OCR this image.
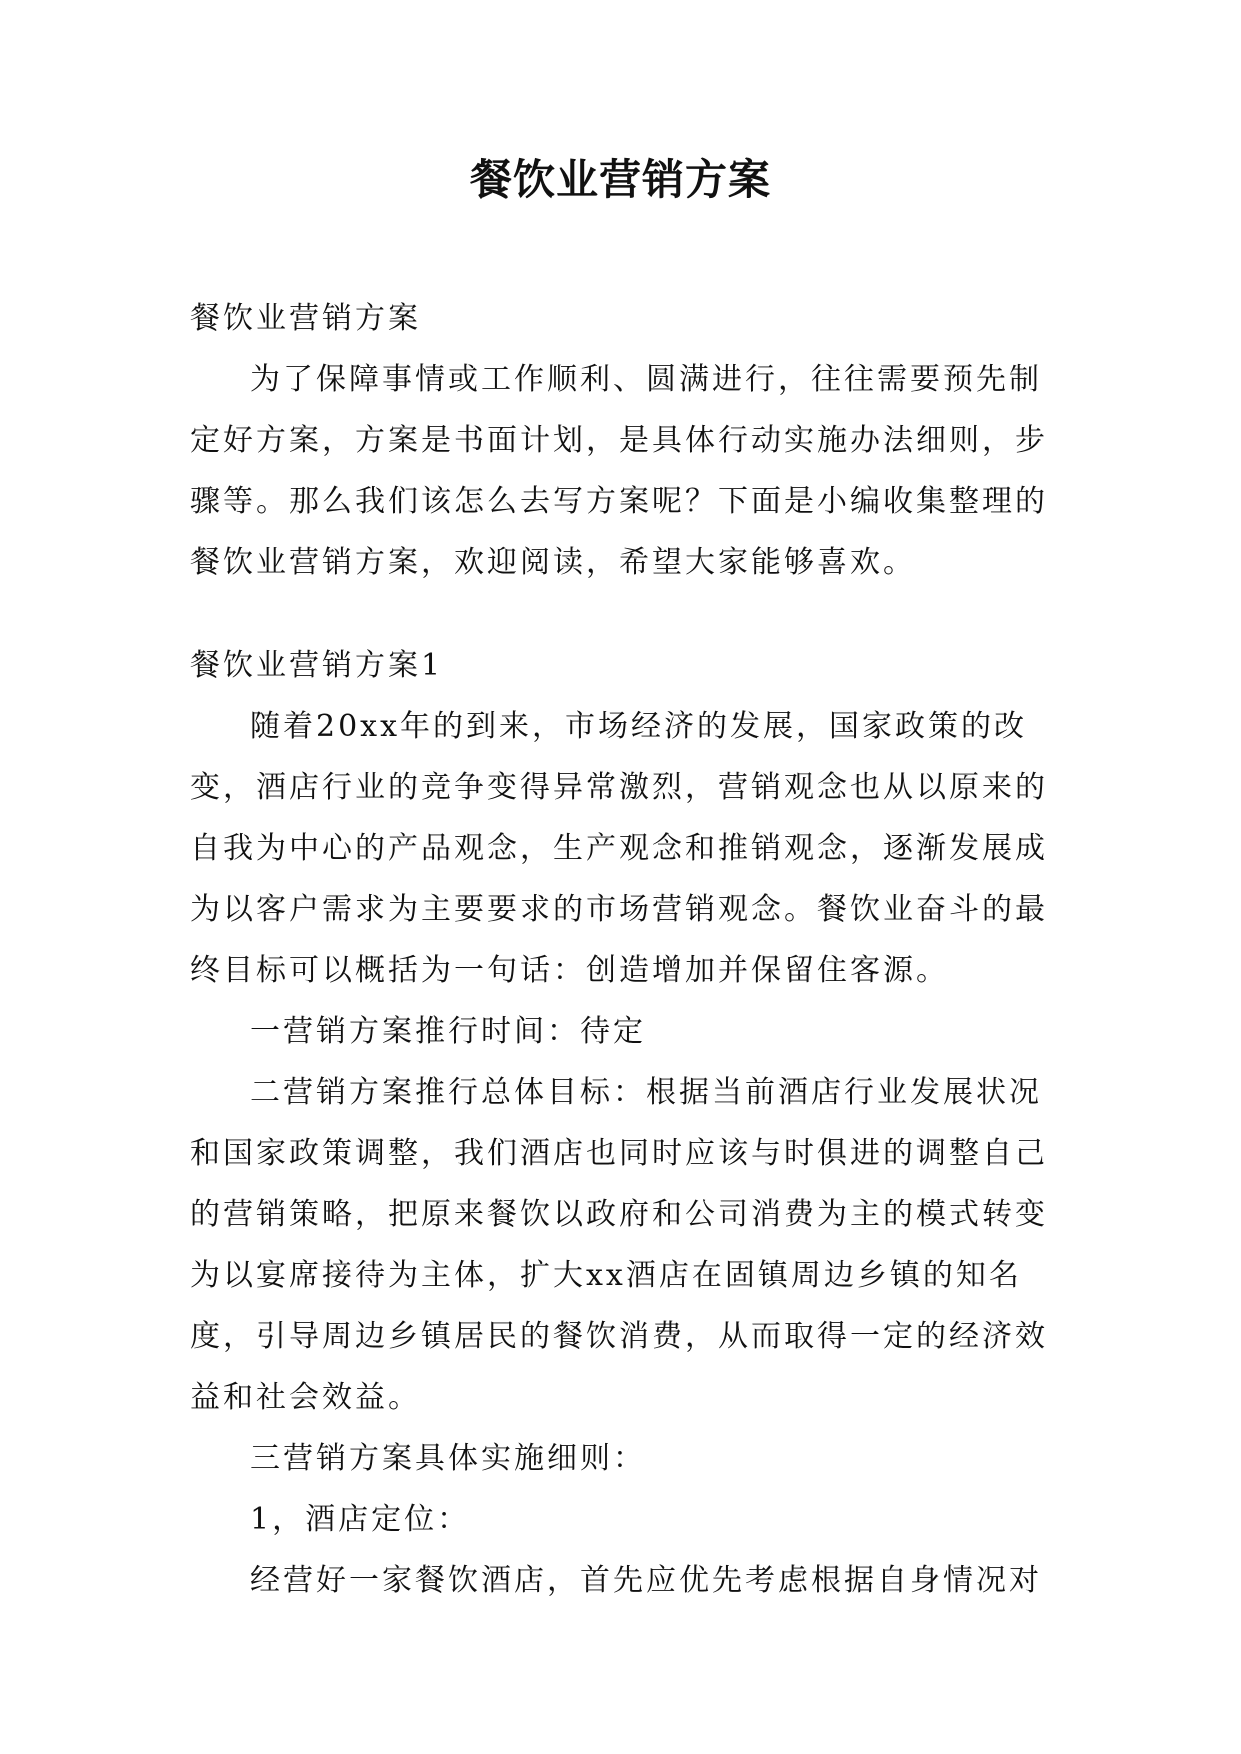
餐饮业营销方案

餐饮业营销方案

为了保障事情或工作顺利、圆满进行，往往需要预先制定好方案，方案是书面计划，是具体行动实施办法细则，步骤等。那么我们该怎么去写方案呢？下面是小编收集整理的餐饮业营销方案，欢迎阅读，希望大家能够喜欢。

餐饮业营销方案1

随着20xx年的到来，市场经济的发展，国家政策的改变，酒店行业的竞争变得异常激烈，营销观念也从以原来的自我为中心的产品观念，生产观念和推销观念，逐渐发展成为以客户需求为主要要求的市场营销观念。餐饮业奋斗的最终目标可以概括为一句话：创造增加并保留住客源。

一营销方案推行时间：待定

二营销方案推行总体目标：根据当前酒店行业发展状况和国家政策调整，我们酒店也同时应该与时俱进的调整自己的营销策略，把原来餐饮以政府和公司消费为主的模式转变为以宴席接待为主体，扩大xx酒店在固镇周边乡镇的知名度，引导周边乡镇居民的餐饮消费，从而取得一定的经济效益和社会效益。

三营销方案具体实施细则：

1，酒店定位：

经营好一家餐饮酒店，首先应优先考虑根据自身情况对
